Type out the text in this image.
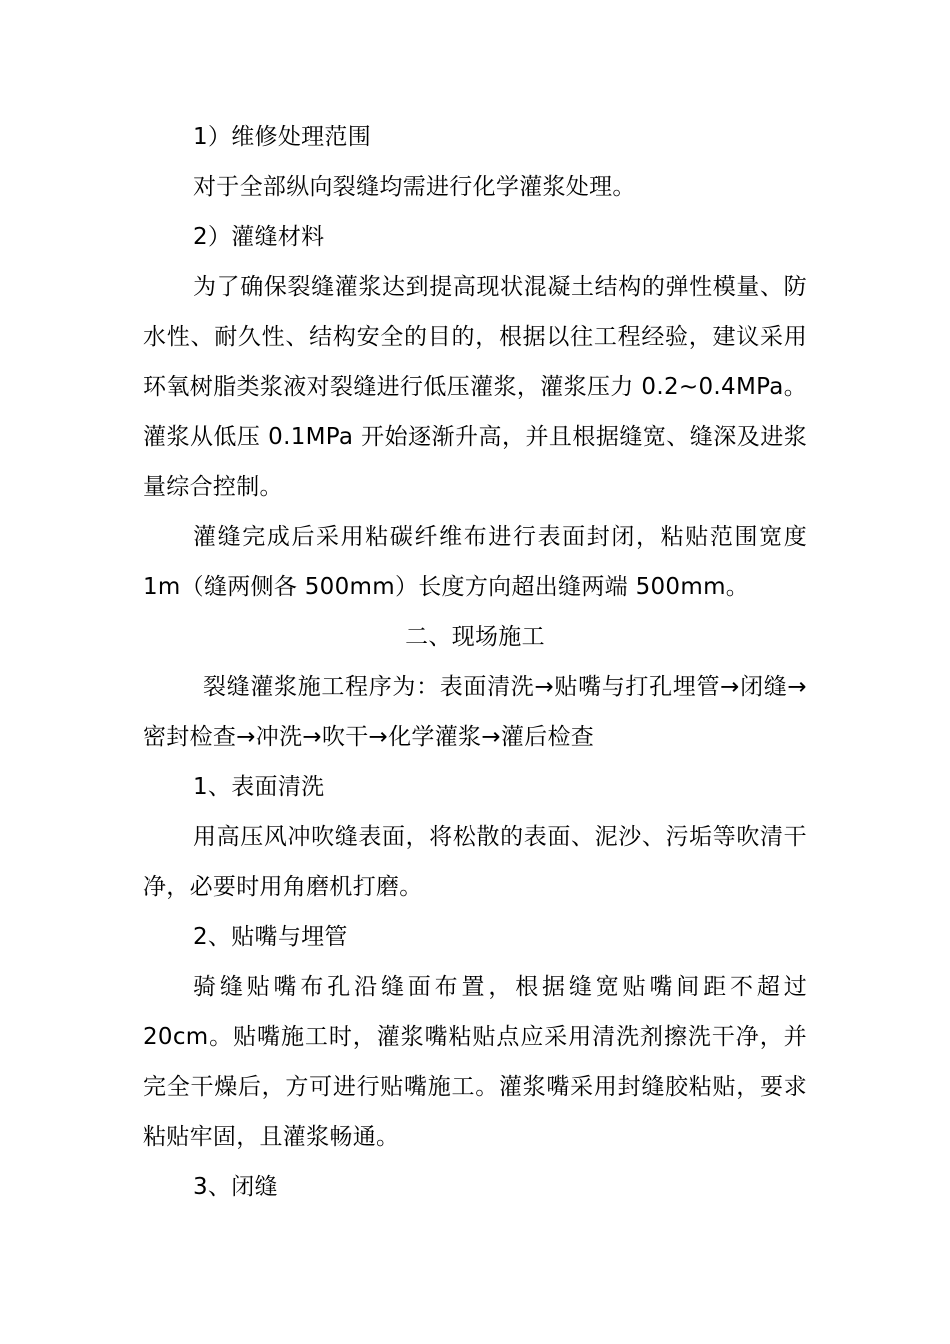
1）维修处理范围

对于全部纵向裂缝均需进行化学灌浆处理。

2）灌缝材料

为了确保裂缝灌浆达到提高现状混凝土结构的弹性模量、防水性、耐久性、结构安全的目的，根据以往工程经验，建议采用环氧树脂类浆液对裂缝进行低压灌浆，灌浆压力 0.2~0.4MPa。灌浆从低压 0.1MPa 开始逐渐升高，并且根据缝宽、缝深及进浆量综合控制。

灌缝完成后采用粘碳纤维布进行表面封闭，粘贴范围宽度 1m（缝两侧各 500mm）长度方向超出缝两端 500mm。

二、现场施工

裂缝灌浆施工程序为：表面清洗→贴嘴与打孔埋管→闭缝→密封检查→冲洗→吹干→化学灌浆→灌后检查

1、表面清洗

用高压风冲吹缝表面，将松散的表面、泥沙、污垢等吹清干净，必要时用角磨机打磨。

2、贴嘴与埋管

骑缝贴嘴布孔沿缝面布置，根据缝宽贴嘴间距不超过 20cm。贴嘴施工时，灌浆嘴粘贴点应采用清洗剂擦洗干净，并完全干燥后，方可进行贴嘴施工。灌浆嘴采用封缝胶粘贴，要求粘贴牢固，且灌浆畅通。

3、闭缝
